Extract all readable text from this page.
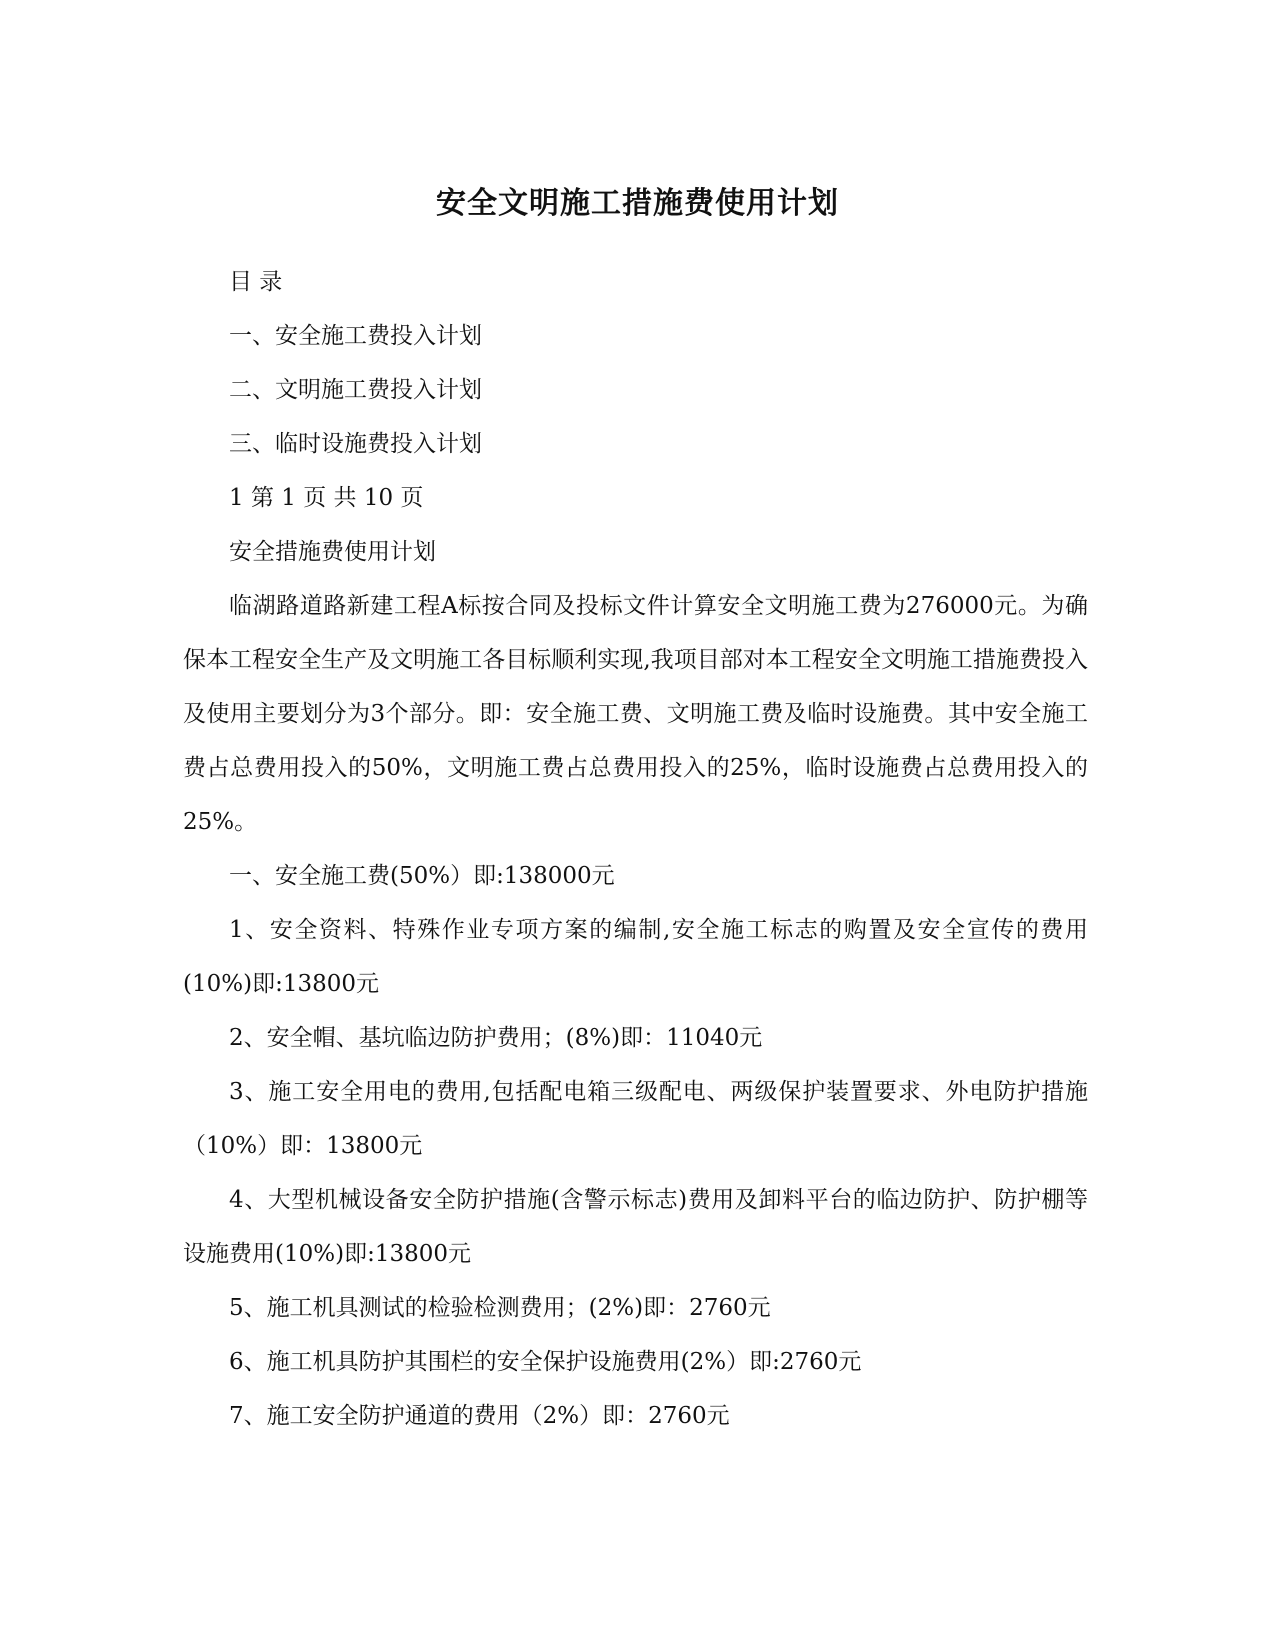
安全文明施工措施费使用计划
目 录
一、安全施工费投入计划
二、文明施工费投入计划
三、临时设施费投入计划
1 第 1 页 共 10 页
安全措施费使用计划
临湖路道路新建工程A标按合同及投标文件计算安全文明施工费为276000元。为确保本工程安全生产及文明施工各目标顺利实现,我项目部对本工程安全文明施工措施费投入及使用主要划分为3个部分。即：安全施工费、文明施工费及临时设施费。其中安全施工费占总费用投入的50%，文明施工费占总费用投入的25%，临时设施费占总费用投入的25%。
一、安全施工费(50%）即:138000元
1、安全资料、特殊作业专项方案的编制,安全施工标志的购置及安全宣传的费用(10%)即:13800元
2、安全帽、基坑临边防护费用；(8%)即：11040元
3、施工安全用电的费用,包括配电箱三级配电、两级保护装置要求、外电防护措施（10%）即：13800元
4、大型机械设备安全防护措施(含警示标志)费用及卸料平台的临边防护、防护棚等设施费用(10%)即:13800元
5、施工机具测试的检验检测费用；(2%)即：2760元
6、施工机具防护其围栏的安全保护设施费用(2%）即:2760元
7、施工安全防护通道的费用（2%）即：2760元
